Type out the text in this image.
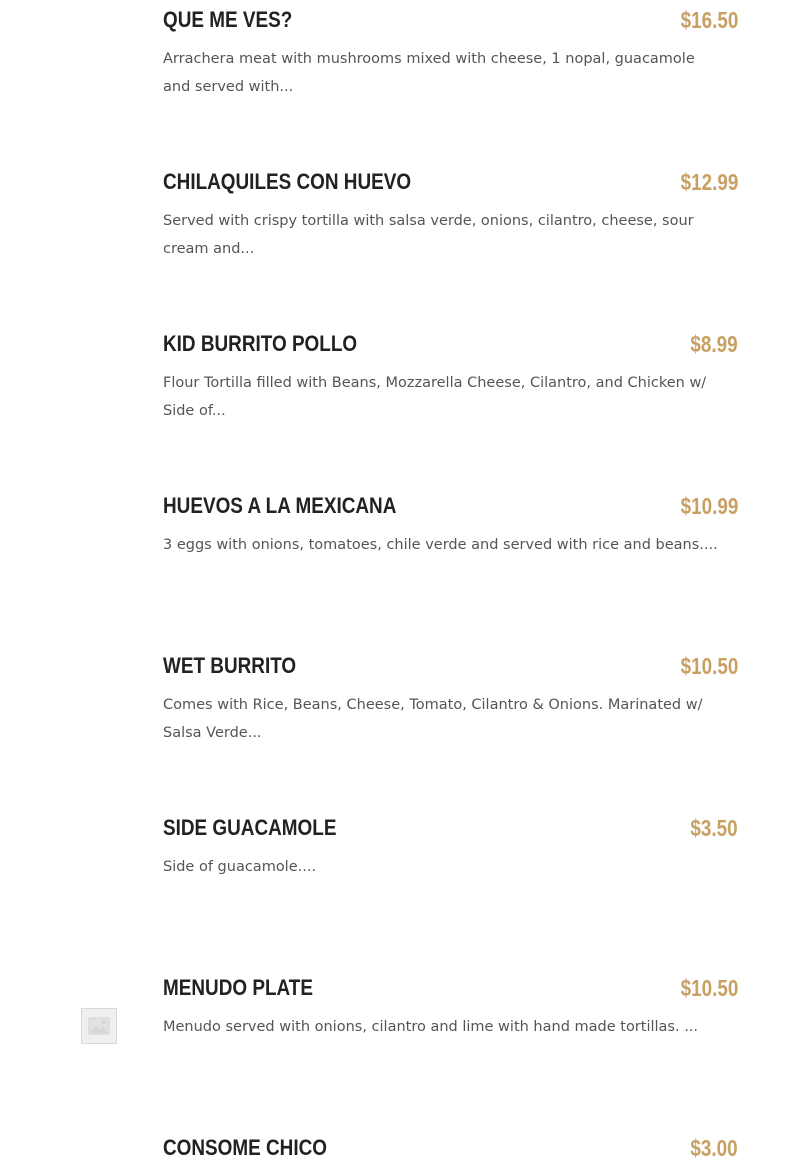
QUE ME VES?	$16.50
Arrachera meat with mushrooms mixed with cheese, 1 nopal, guacamole and served with...
CHILAQUILES CON HUEVO	$12.99
Served with crispy tortilla with salsa verde, onions, cilantro, cheese, sour cream and...
KID BURRITO POLLO	$8.99
Flour Tortilla filled with Beans, Mozzarella Cheese, Cilantro, and Chicken w/ Side of...
HUEVOS A LA MEXICANA	$10.99
3 eggs with onions, tomatoes, chile verde and served with rice and beans....
WET BURRITO	$10.50
Comes with Rice, Beans, Cheese, Tomato, Cilantro & Onions. Marinated w/ Salsa Verde...
SIDE GUACAMOLE	$3.50
Side of guacamole....
MENUDO PLATE	$10.50
Menudo served with onions, cilantro and lime with hand made tortillas. ...
CONSOME CHICO	$3.00
